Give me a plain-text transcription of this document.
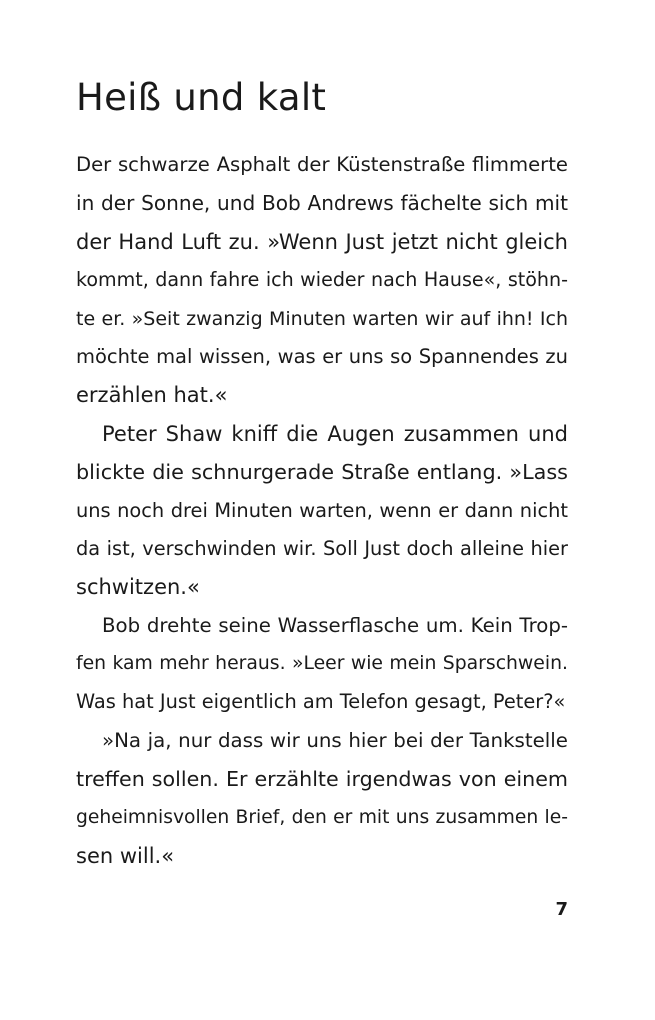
Heiß und kalt
Der schwarze Asphalt der Küstenstraße flimmerte
in der Sonne, und Bob Andrews fächelte sich mit
der Hand Luft zu. »Wenn Just jetzt nicht gleich
kommt, dann fahre ich wieder nach Hause«, stöhn-
te er. »Seit zwanzig Minuten warten wir auf ihn! Ich
möchte mal wissen, was er uns so Spannendes zu
erzählen hat.«
Peter Shaw kniff die Augen zusammen und
blickte die schnurgerade Straße entlang. »Lass
uns noch drei Minuten warten, wenn er dann nicht
da ist, verschwinden wir. Soll Just doch alleine hier
schwitzen.«
Bob drehte seine Wasserflasche um. Kein Trop-
fen kam mehr heraus. »Leer wie mein Sparschwein.
Was hat Just eigentlich am Telefon gesagt, Peter?«
»Na ja, nur dass wir uns hier bei der Tankstelle
treffen sollen. Er erzählte irgendwas von einem
geheimnisvollen Brief, den er mit uns zusammen le-
sen will.«
7
